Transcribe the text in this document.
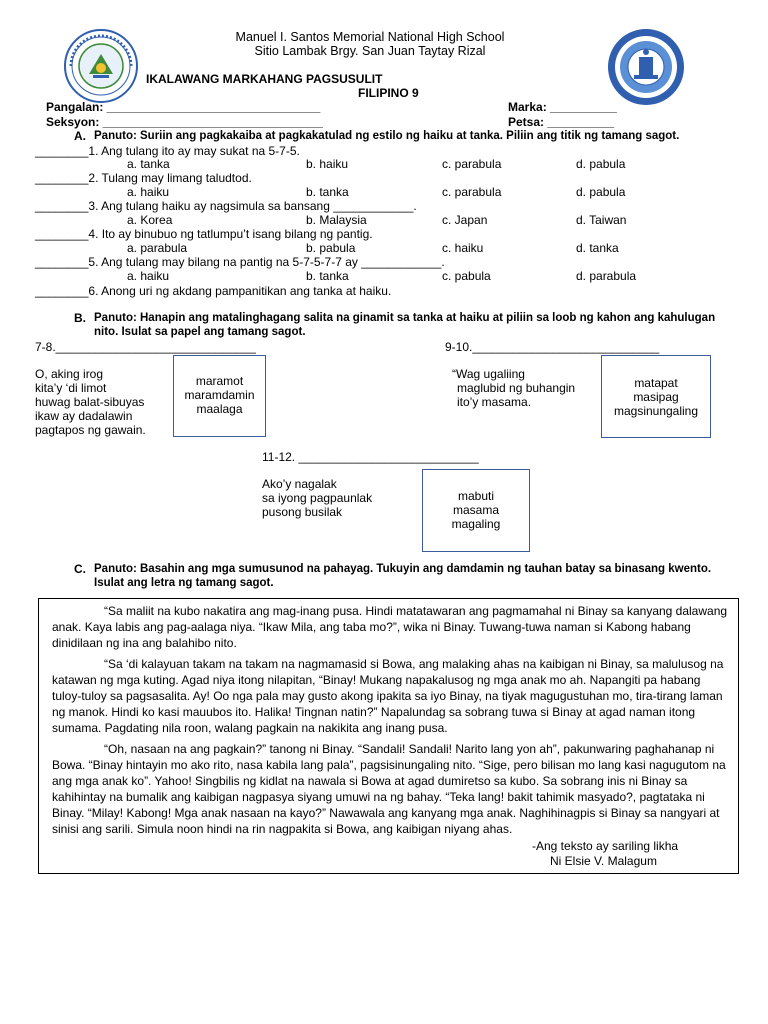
Manuel I. Santos Memorial National High School
Sitio Lambak Brgy. San Juan Taytay Rizal
IKALAWANG MARKAHANG PAGSUSULIT
FILIPINO 9
Pangalan: ________________________________
Seksyon: _________________________________
Marka: __________
Petsa: __________
A. Panuto: Suriin ang pagkakaiba at pagkakatulad ng estilo ng haiku at tanka. Piliin ang titik ng tamang sagot.
________1. Ang tulang ito ay may sukat na 5-7-5.
a. tanka	b. haiku	c. parabula	d. pabula
________2. Tulang may limang taludtod.
a. haiku	b. tanka	c. parabula	d. pabula
________3. Ang tulang haiku ay nagsimula sa bansang ____________.
a. Korea	b. Malaysia	c. Japan	d. Taiwan
________4. Ito ay binubuo ng tatlumpu’t isang bilang ng pantig.
a. parabula	b. pabula	c. haiku	d. tanka
________5. Ang tulang may bilang na pantig na 5-7-5-7-7 ay ____________.
a. haiku	b. tanka	c. pabula	d. parabula
________6. Anong uri ng akdang pampanitikan ang tanka at haiku.
B. Panuto: Hanapin ang matalinghagang salita na ginamit sa tanka at haiku at piliin sa loob ng kahon ang kahulugan
nito. Isulat sa papel ang tamang sagot.
7-8.______________________________
O, aking irog
kita’y ‘di limot
huwag balat-sibuyas
ikaw ay dadalawin
pagtapos ng gawain.
maramot
maramdamin
maalaga
9-10.____________________________
“Wag ugaliing
maglubid ng buhangin
ito’y masama.
matapat
masipag
magsinungaling
11-12. ___________________________
Ako’y nagalak
sa iyong pagpaunlak
pusong busilak
mabuti
masama
magaling
C. Panuto: Basahin ang mga sumusunod na pahayag. Tukuyin ang damdamin ng tauhan batay sa binasang kwento.
Isulat ang letra ng tamang sagot.

“Sa maliit na kubo nakatira ang mag-inang pusa. Hindi matatawaran ang pagmamahal ni Binay sa kanyang dalawang anak. Kaya labis ang pag-aalaga niya. “Ikaw Mila, ang taba mo?”, wika ni Binay. Tuwang-tuwa naman si Kabong habang dinidilaan ng ina ang balahibo nito.

“Sa ‘di kalayuan takam na takam na nagmamasid si Bowa, ang malaking ahas na kaibigan ni Binay, sa malulusog na katawan ng mga kuting. Agad niya itong nilapitan, “Binay! Mukang napakalusog ng mga anak mo ah. Napangiti pa habang tuloy-tuloy sa pagsasalita. Ay! Oo nga pala may gusto akong ipakita sa iyo Binay, na tiyak magugustuhan mo, tira-tirang laman ng manok. Hindi ko kasi mauubos ito. Halika! Tingnan natin?” Napalundag sa sobrang tuwa si Binay at agad naman itong sumama. Pagdating nila roon, walang pagkain na nakikita ang inang pusa.

“Oh, nasaan na ang pagkain?” tanong ni Binay. “Sandali! Sandali! Narito lang yon ah”, pakunwaring paghahanap ni Bowa. “Binay hintayin mo ako rito, nasa kabila lang pala”, pagsisinungaling nito. “Sige, pero bilisan mo lang kasi nagugutom na ang mga anak ko”. Yahoo! Singbilis ng kidlat na nawala si Bowa at agad dumiretso sa kubo. Sa sobrang inis ni Binay sa kahihintay na bumalik ang kaibigan nagpasya siyang umuwi na ng bahay. “Teka lang! bakit tahimik masyado?, pagtataka ni Binay. “Milay! Kabong! Mga anak nasaan na kayo?” Nawawala ang kanyang mga anak. Naghihinagpis si Binay sa nangyari at sinisi ang sarili. Simula noon hindi na rin nagpakita si Bowa, ang kaibigan niyang ahas.

-Ang teksto ay sariling likha
Ni Elsie V. Malagum
